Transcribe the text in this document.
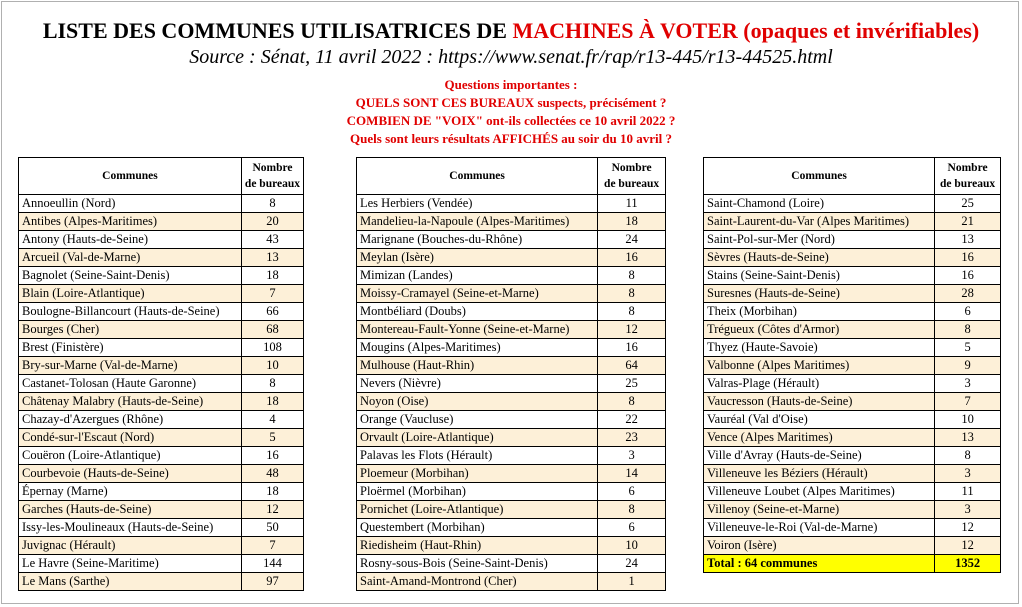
LISTE DES COMMUNES UTILISATRICES DE MACHINES À VOTER (opaques et invérifiables)
Source : Sénat, 11 avril 2022 : https://www.senat.fr/rap/r13-445/r13-44525.html
Questions importantes :
QUELS SONT CES BUREAUX suspects, précisément ?
COMBIEN DE "VOIX" ont-ils collectées ce 10 avril 2022 ?
Quels sont leurs résultats AFFICHÉS au soir du 10 avril ?
Communes	Nombre
de bureaux
Annoeullin (Nord)	8
Antibes (Alpes-Maritimes)	20
Antony (Hauts-de-Seine)	43
Arcueil (Val-de-Marne)	13
Bagnolet (Seine-Saint-Denis)	18
Blain (Loire-Atlantique)	7
Boulogne-Billancourt (Hauts-de-Seine)	66
Bourges (Cher)	68
Brest (Finistère)	108
Bry-sur-Marne (Val-de-Marne)	10
Castanet-Tolosan (Haute Garonne)	8
Châtenay Malabry (Hauts-de-Seine)	18
Chazay-d'Azergues (Rhône)	4
Condé-sur-l'Escaut (Nord)	5
Couëron (Loire-Atlantique)	16
Courbevoie (Hauts-de-Seine)	48
Épernay (Marne)	18
Garches (Hauts-de-Seine)	12
Issy-les-Moulineaux (Hauts-de-Seine)	50
Juvignac (Hérault)	7
Le Havre (Seine-Maritime)	144
Le Mans (Sarthe)	97
Communes	Nombre
de bureaux
Les Herbiers (Vendée)	11
Mandelieu-la-Napoule (Alpes-Maritimes)	18
Marignane (Bouches-du-Rhône)	24
Meylan (Isère)	16
Mimizan (Landes)	8
Moissy-Cramayel (Seine-et-Marne)	8
Montbéliard (Doubs)	8
Montereau-Fault-Yonne (Seine-et-Marne)	12
Mougins (Alpes-Maritimes)	16
Mulhouse (Haut-Rhin)	64
Nevers (Nièvre)	25
Noyon (Oise)	8
Orange (Vaucluse)	22
Orvault (Loire-Atlantique)	23
Palavas les Flots (Hérault)	3
Ploemeur (Morbihan)	14
Ploërmel (Morbihan)	6
Pornichet (Loire-Atlantique)	8
Questembert (Morbihan)	6
Riedisheim (Haut-Rhin)	10
Rosny-sous-Bois (Seine-Saint-Denis)	24
Saint-Amand-Montrond (Cher)	1
Communes	Nombre
de bureaux
Saint-Chamond (Loire)	25
Saint-Laurent-du-Var (Alpes Maritimes)	21
Saint-Pol-sur-Mer (Nord)	13
Sèvres (Hauts-de-Seine)	16
Stains (Seine-Saint-Denis)	16
Suresnes (Hauts-de-Seine)	28
Theix (Morbihan)	6
Trégueux (Côtes d'Armor)	8
Thyez (Haute-Savoie)	5
Valbonne (Alpes Maritimes)	9
Valras-Plage (Hérault)	3
Vaucresson (Hauts-de-Seine)	7
Vauréal (Val d'Oise)	10
Vence (Alpes Maritimes)	13
Ville d'Avray (Hauts-de-Seine)	8
Villeneuve les Béziers (Hérault)	3
Villeneuve Loubet (Alpes Maritimes)	11
Villenoy (Seine-et-Marne)	3
Villeneuve-le-Roi (Val-de-Marne)	12
Voiron (Isère)	12
Total : 64 communes	1352
